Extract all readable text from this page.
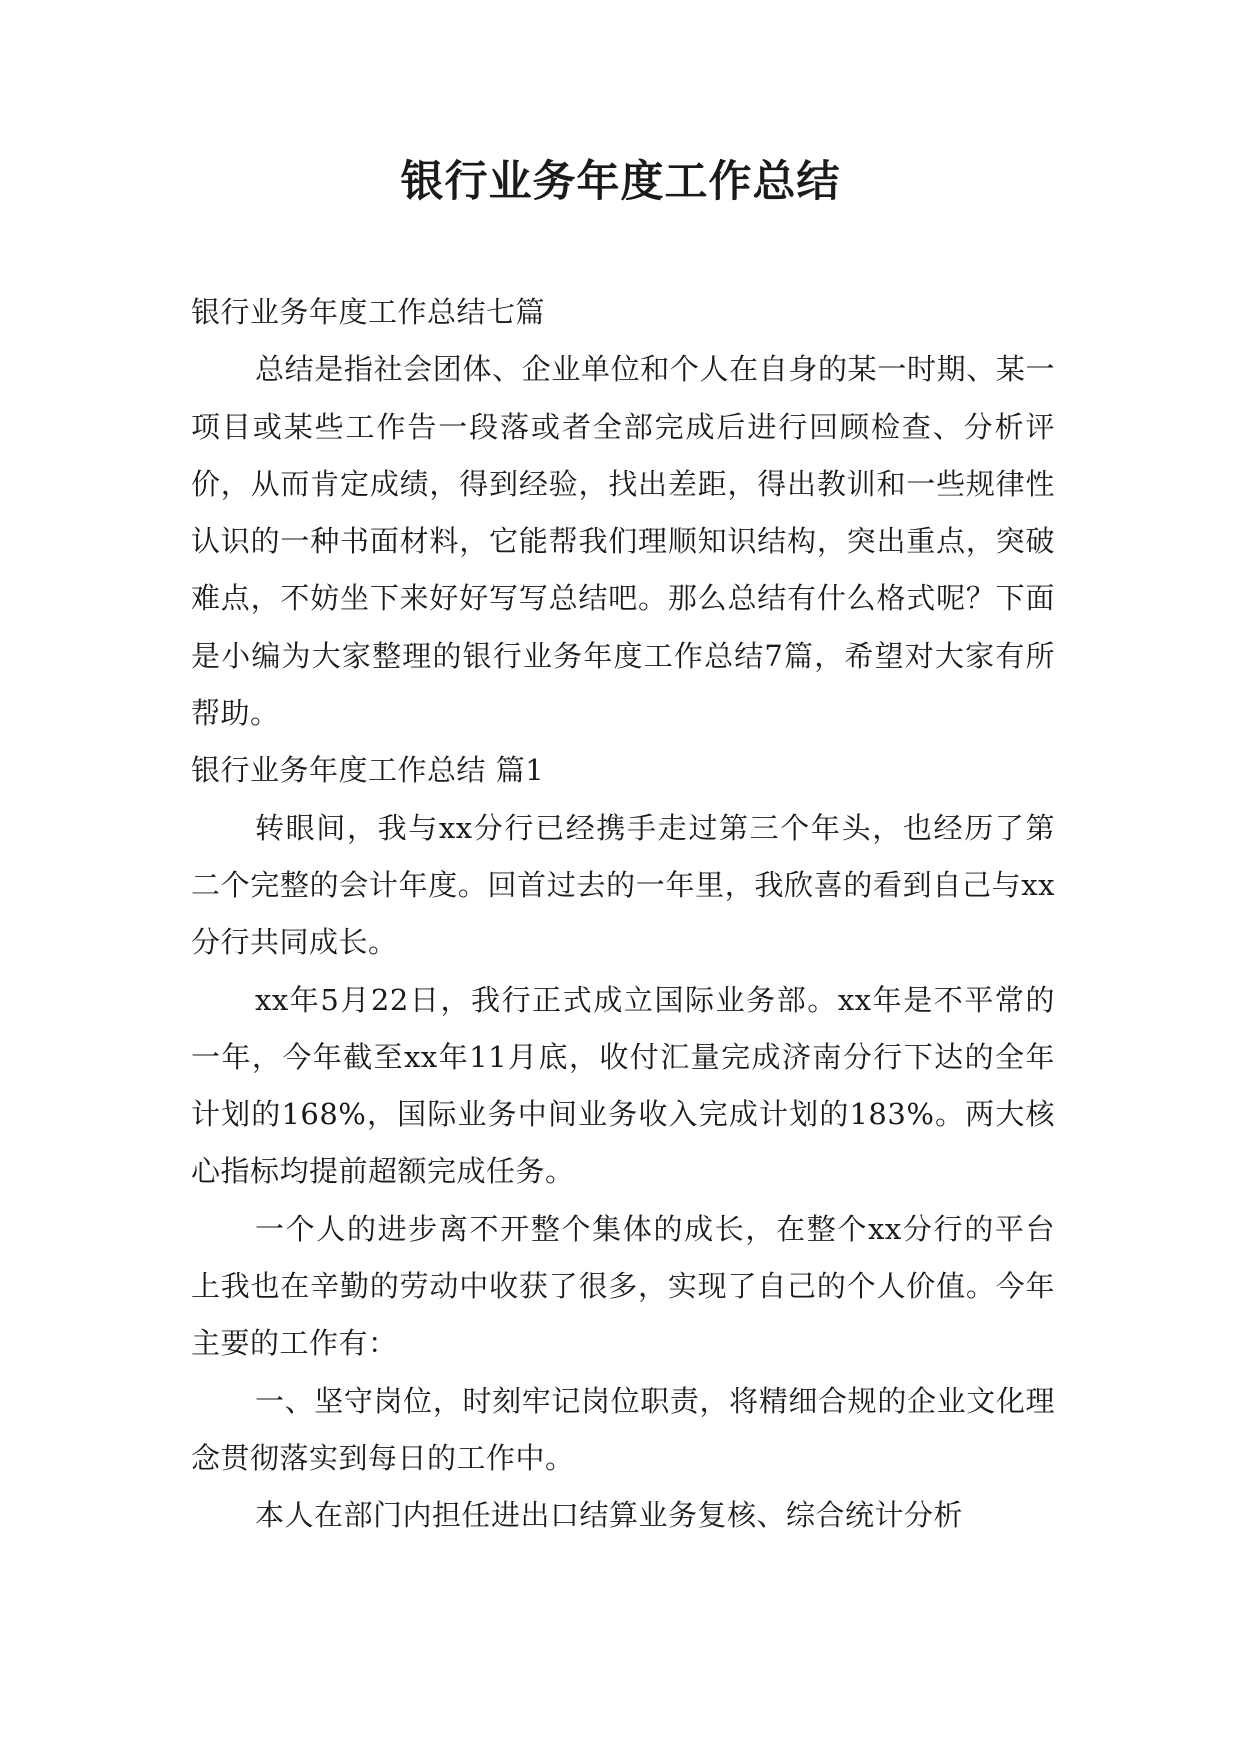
银行业务年度工作总结

银行业务年度工作总结七篇

总结是指社会团体、企业单位和个人在自身的某一时期、某一项目或某些工作告一段落或者全部完成后进行回顾检查、分析评价，从而肯定成绩，得到经验，找出差距，得出教训和一些规律性认识的一种书面材料，它能帮我们理顺知识结构，突出重点，突破难点，不妨坐下来好好写写总结吧。那么总结有什么格式呢？下面是小编为大家整理的银行业务年度工作总结7篇，希望对大家有所帮助。

银行业务年度工作总结 篇1

转眼间，我与xx分行已经携手走过第三个年头，也经历了第二个完整的会计年度。回首过去的一年里，我欣喜的看到自己与xx分行共同成长。

xx年5月22日，我行正式成立国际业务部。xx年是不平常的一年，今年截至xx年11月底，收付汇量完成济南分行下达的全年计划的168%，国际业务中间业务收入完成计划的183%。两大核心指标均提前超额完成任务。

一个人的进步离不开整个集体的成长，在整个xx分行的平台上我也在辛勤的劳动中收获了很多，实现了自己的个人价值。今年主要的工作有：

一、坚守岗位，时刻牢记岗位职责，将精细合规的企业文化理念贯彻落实到每日的工作中。

本人在部门内担任进出口结算业务复核、综合统计分析
